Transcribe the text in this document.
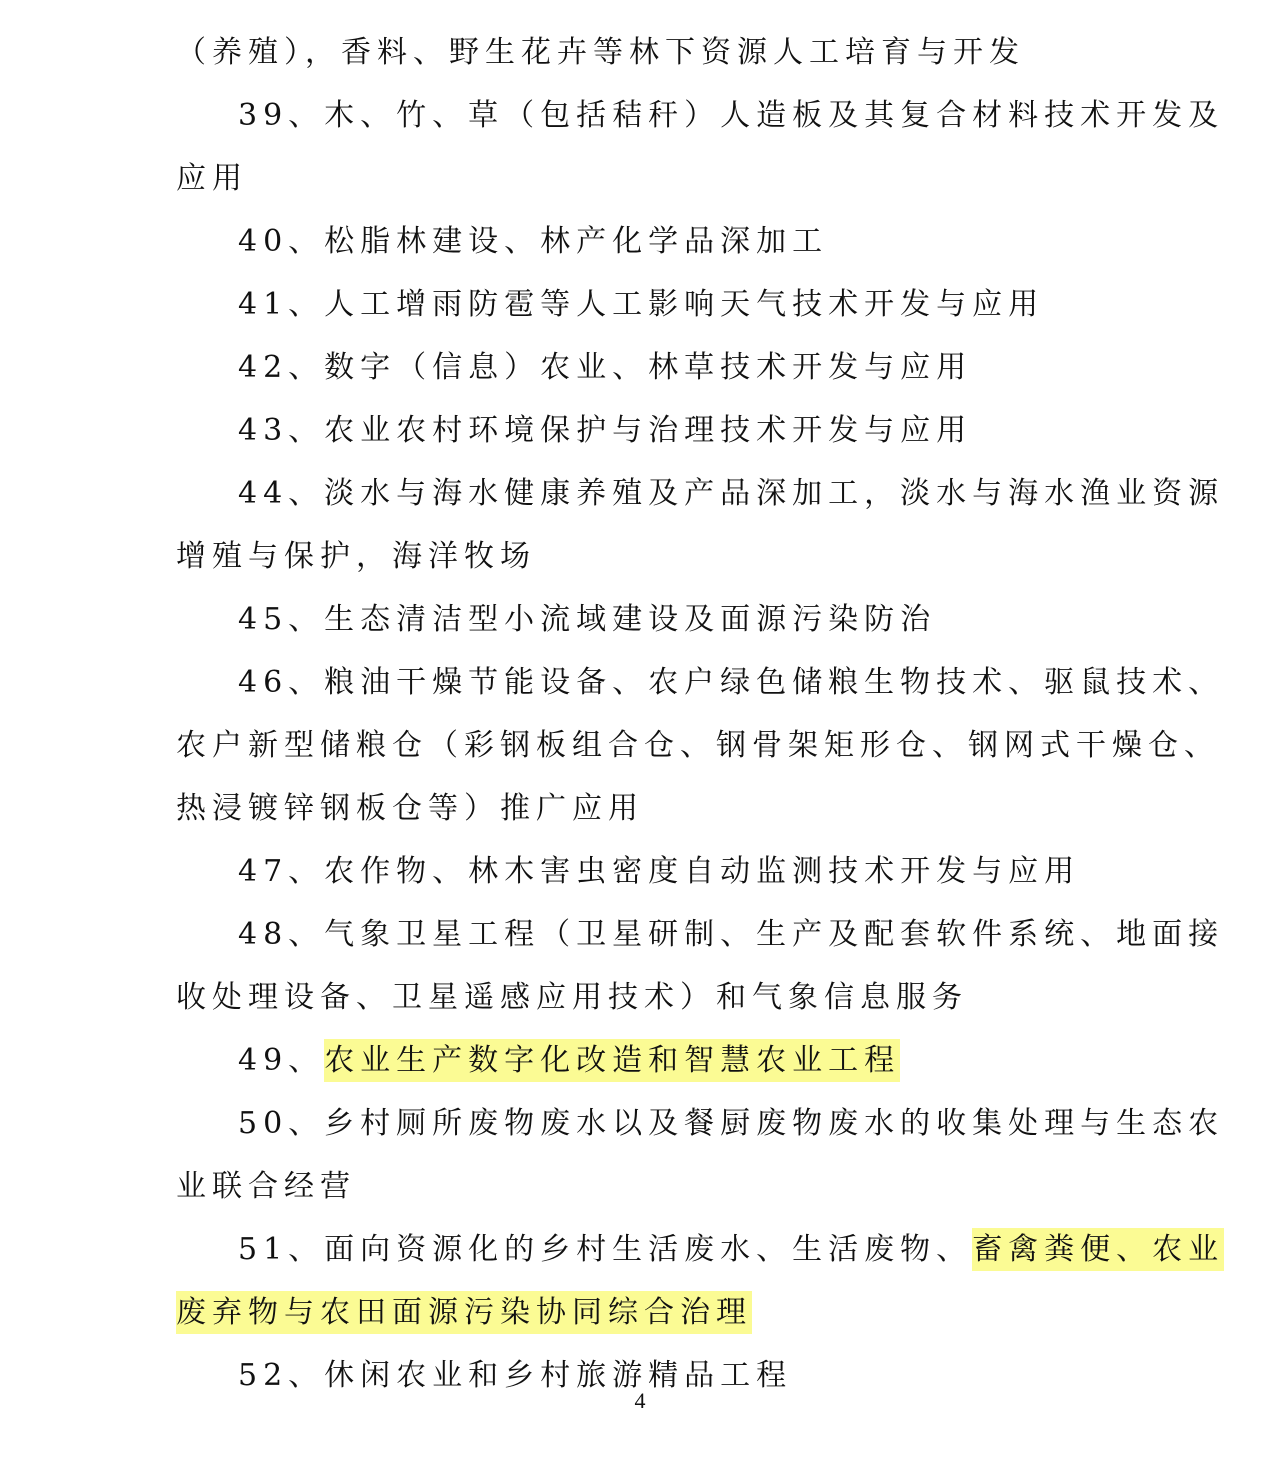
（养殖），香料、野生花卉等林下资源人工培育与开发
39、木、竹、草（包括秸秆）人造板及其复合材料技术开发及
应用
40、松脂林建设、林产化学品深加工
41、人工增雨防雹等人工影响天气技术开发与应用
42、数字（信息）农业、林草技术开发与应用
43、农业农村环境保护与治理技术开发与应用
44、淡水与海水健康养殖及产品深加工，淡水与海水渔业资源
增殖与保护，海洋牧场
45、生态清洁型小流域建设及面源污染防治
46、粮油干燥节能设备、农户绿色储粮生物技术、驱鼠技术、
农户新型储粮仓（彩钢板组合仓、钢骨架矩形仓、钢网式干燥仓、
热浸镀锌钢板仓等）推广应用
47、农作物、林木害虫密度自动监测技术开发与应用
48、气象卫星工程（卫星研制、生产及配套软件系统、地面接
收处理设备、卫星遥感应用技术）和气象信息服务
49、农业生产数字化改造和智慧农业工程
50、乡村厕所废物废水以及餐厨废物废水的收集处理与生态农
业联合经营
51、面向资源化的乡村生活废水、生活废物、畜禽粪便、农业
废弃物与农田面源污染协同综合治理
52、休闲农业和乡村旅游精品工程
4
